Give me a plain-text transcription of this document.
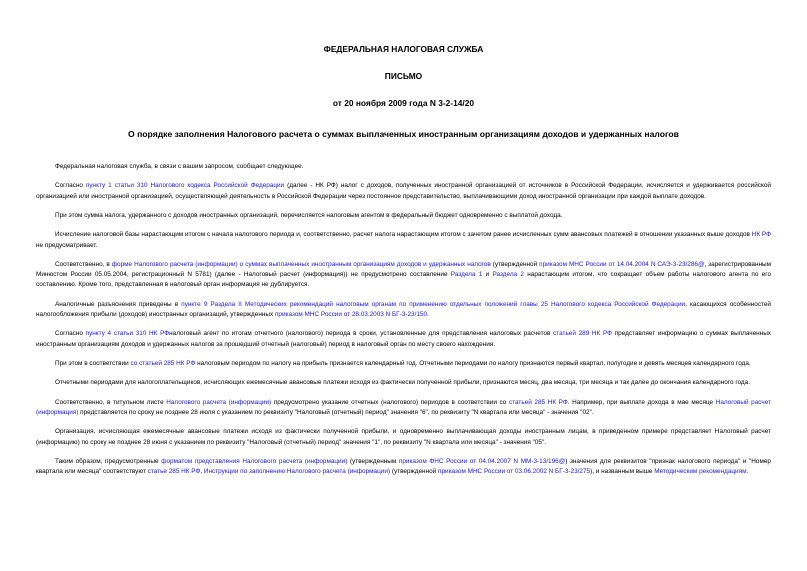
ФЕДЕРАЛЬНАЯ НАЛОГОВАЯ СЛУЖБА
ПИСЬМО
от 20 ноября 2009 года N 3-2-14/20
О порядке заполнения Налогового расчета о суммах выплаченных иностранным организациям доходов и удержанных налогов

Федеральная налоговая служба, в связи с вашим запросом, сообщает следующее.

Согласно пункту 1 статьи 310 Налогового кодекса Российской Федерации (далее - НК РФ) налог с доходов, полученных иностранной организацией от источников в Российской Федерации, исчисляется и удерживается российской организацией или иностранной организацией, осуществляющей деятельность в Российской Федерации через постоянное представительство, выплачивающими доход иностранной организации при каждой выплате доходов.

При этом сумма налога, удержанного с доходов иностранных организаций, перечисляется налоговым агентом в федеральный бюджет одновременно с выплатой дохода.

Исчисление налоговой базы нарастающим итогом с начала налогового периода и, соответственно, расчет налога нарастающим итогом с зачетом ранее исчисленных сумм авансовых платежей в отношении указанных выше доходов НК РФ не предусматривает.

Соответственно, в форме Налогового расчета (информации) о суммах выплаченных иностранным организациям доходов и удержанных налогов (утвержденной приказом МНС России от 14.04.2004 N САЭ-3-23/286@, зарегистрированным Минюстом России 05.05.2004, регистрационный N 5781) (далее - Налоговый расчет (информация)) не предусмотрено составление Раздела 1 и Раздела 2 нарастающим итогом, что сокращает объем работы налогового агента по его составлению. Кроме того, представленная в налоговый орган информация не дублируется.

Аналогичные разъяснения приведены в пункте 9 Раздела II Методических рекомендаций налоговым органам по применению отдельных положений главы 25 Налогового кодекса Российской Федерации, касающихся особенностей налогообложения прибыли (доходов) иностранных организаций, утвержденных приказом МНС России от 28.03.2003 N БГ-3-23/150.

Согласно пункту 4 статьи 310 НК РФналоговый агент по итогам отчетного (налогового) периода в сроки, установленные для представления налоговых расчетов статьей 289 НК РФ представляет информацию о суммах выплаченных иностранным организациям доходов и удержанных налогов за прошедший отчетный (налоговый) период в налоговый орган по месту своего нахождения.

При этом в соответствии со статьей 285 НК РФ налоговым периодом по налогу на прибыль признается календарный год. Отчетными периодами по налогу признаются первый квартал, полугодие и девять месяцев календарного года.

Отчетными периодами для налогоплательщиков, исчисляющих ежемесячные авансовые платежи исходя из фактически полученной прибыли, признаются месяц, два месяца, три месяца и так далее до окончания календарного года.

Соответственно, в титульном листе Налогового расчета (информации) предусмотрено указание отчетных (налогового) периодов в соответствии со статьей 285 НК РФ. Например, при выплате дохода в мае месяце Налоговый расчет (информация) представляется по сроку не позднее 28 июля с указанием по реквизиту "Налоговый (отчетный) период" значения "6", по реквизиту "N квартала или месяца" - значения "02".

Организация, исчисляющая ежемесячные авансовые платежи исходя из фактически полученной прибыли, и одновременно выплачивающая доходы иностранным лицам, в приведенном примере представляет Налоговый расчет (информацию) по сроку не позднее 28 июня с указанием по реквизиту "Налоговый (отчетный) период" значения "1", по реквизиту "N квартала или месяца" - значения "05".

Таким образом, предусмотренные форматом представления Налогового расчета (информации) (утвержденным приказом ФНС России от 04.04.2007 N ММ-3-13/196@) значения для реквизитов "признак налогового периода" и "Номер квартала или месяца" соответствуют статье 285 НК РФ, Инструкции по заполнению Налогового расчета (информации) (утвержденной приказом МНС России от 03.06.2002 N БГ-3-23/275), и названным выше Методическим рекомендациям.
